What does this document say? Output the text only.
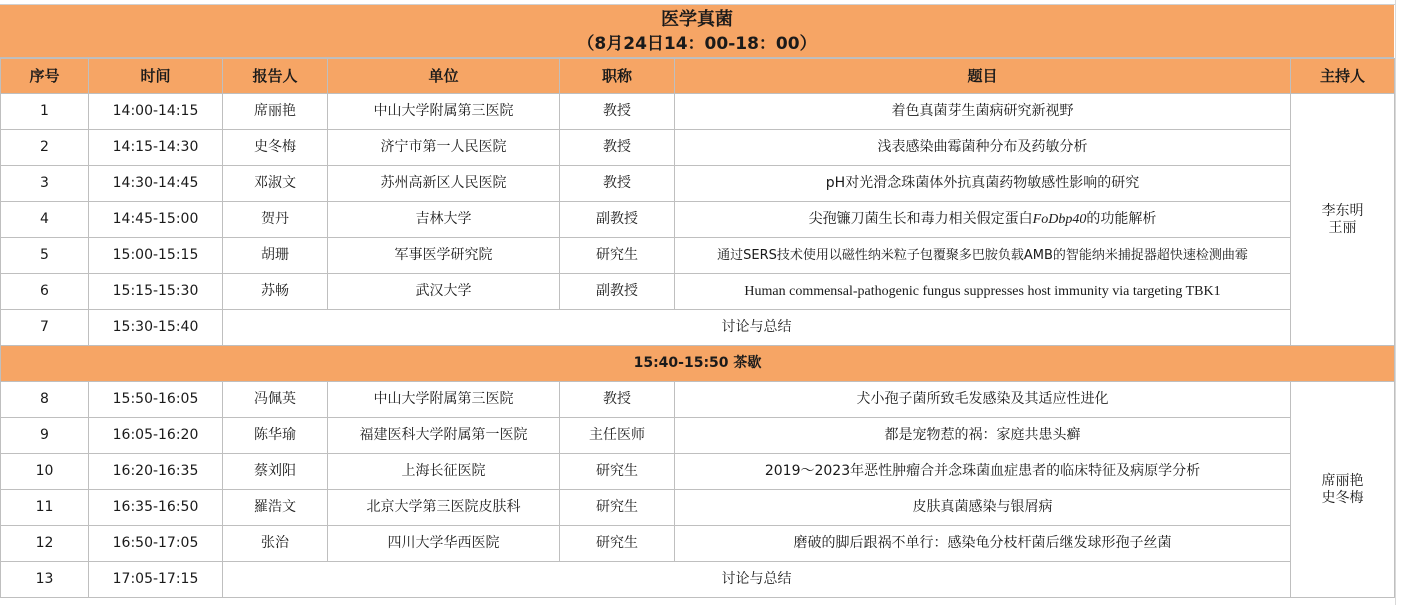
医学真菌
（8月24日14：00-18：00）
序号	时间	报告人	单位	职称	题目	主持人
1	14:00-14:15	席丽艳	中山大学附属第三医院	教授	着色真菌芽生菌病研究新视野	李东明
王丽

2	14:15-14:30	史冬梅	济宁市第一人民医院	教授	浅表感染曲霉菌种分布及药敏分析	
3	14:30-14:45	邓淑文	苏州高新区人民医院	教授	pH对光滑念珠菌体外抗真菌药物敏感性影响的研究	
4	14:45-15:00	贺丹	吉林大学	副教授	尖孢镰刀菌生长和毒力相关假定蛋白FoDbp40的功能解析	
5	15:00-15:15	胡珊	军事医学研究院	研究生	通过SERS技术使用以磁性纳米粒子包覆聚多巴胺负载AMB的智能纳米捕捉器超快速检测曲霉	
6	15:15-15:30	苏畅	武汉大学	副教授	Human commensal-pathogenic fungus suppresses host immunity via targeting TBK1	
7	15:30-15:40	讨论与总结				
15:40-15:50 茶歇						
8	15:50-16:05	冯佩英	中山大学附属第三医院	教授	犬小孢子菌所致毛发感染及其适应性进化	席丽艳
史冬梅

9	16:05-16:20	陈华瑜	福建医科大学附属第一医院	主任医师	都是宠物惹的祸：家庭共患头癣	
10	16:20-16:35	蔡刘阳	上海长征医院	研究生	2019～2023年恶性肿瘤合并念珠菌血症患者的临床特征及病原学分析	
11	16:35-16:50	羅浩文	北京大学第三医院皮肤科	研究生	皮肤真菌感染与银屑病	
12	16:50-17:05	张治	四川大学华西医院	研究生	磨破的脚后跟祸不单行：感染龟分枝杆菌后继发球形孢子丝菌	
13	17:05-17:15	讨论与总结				
